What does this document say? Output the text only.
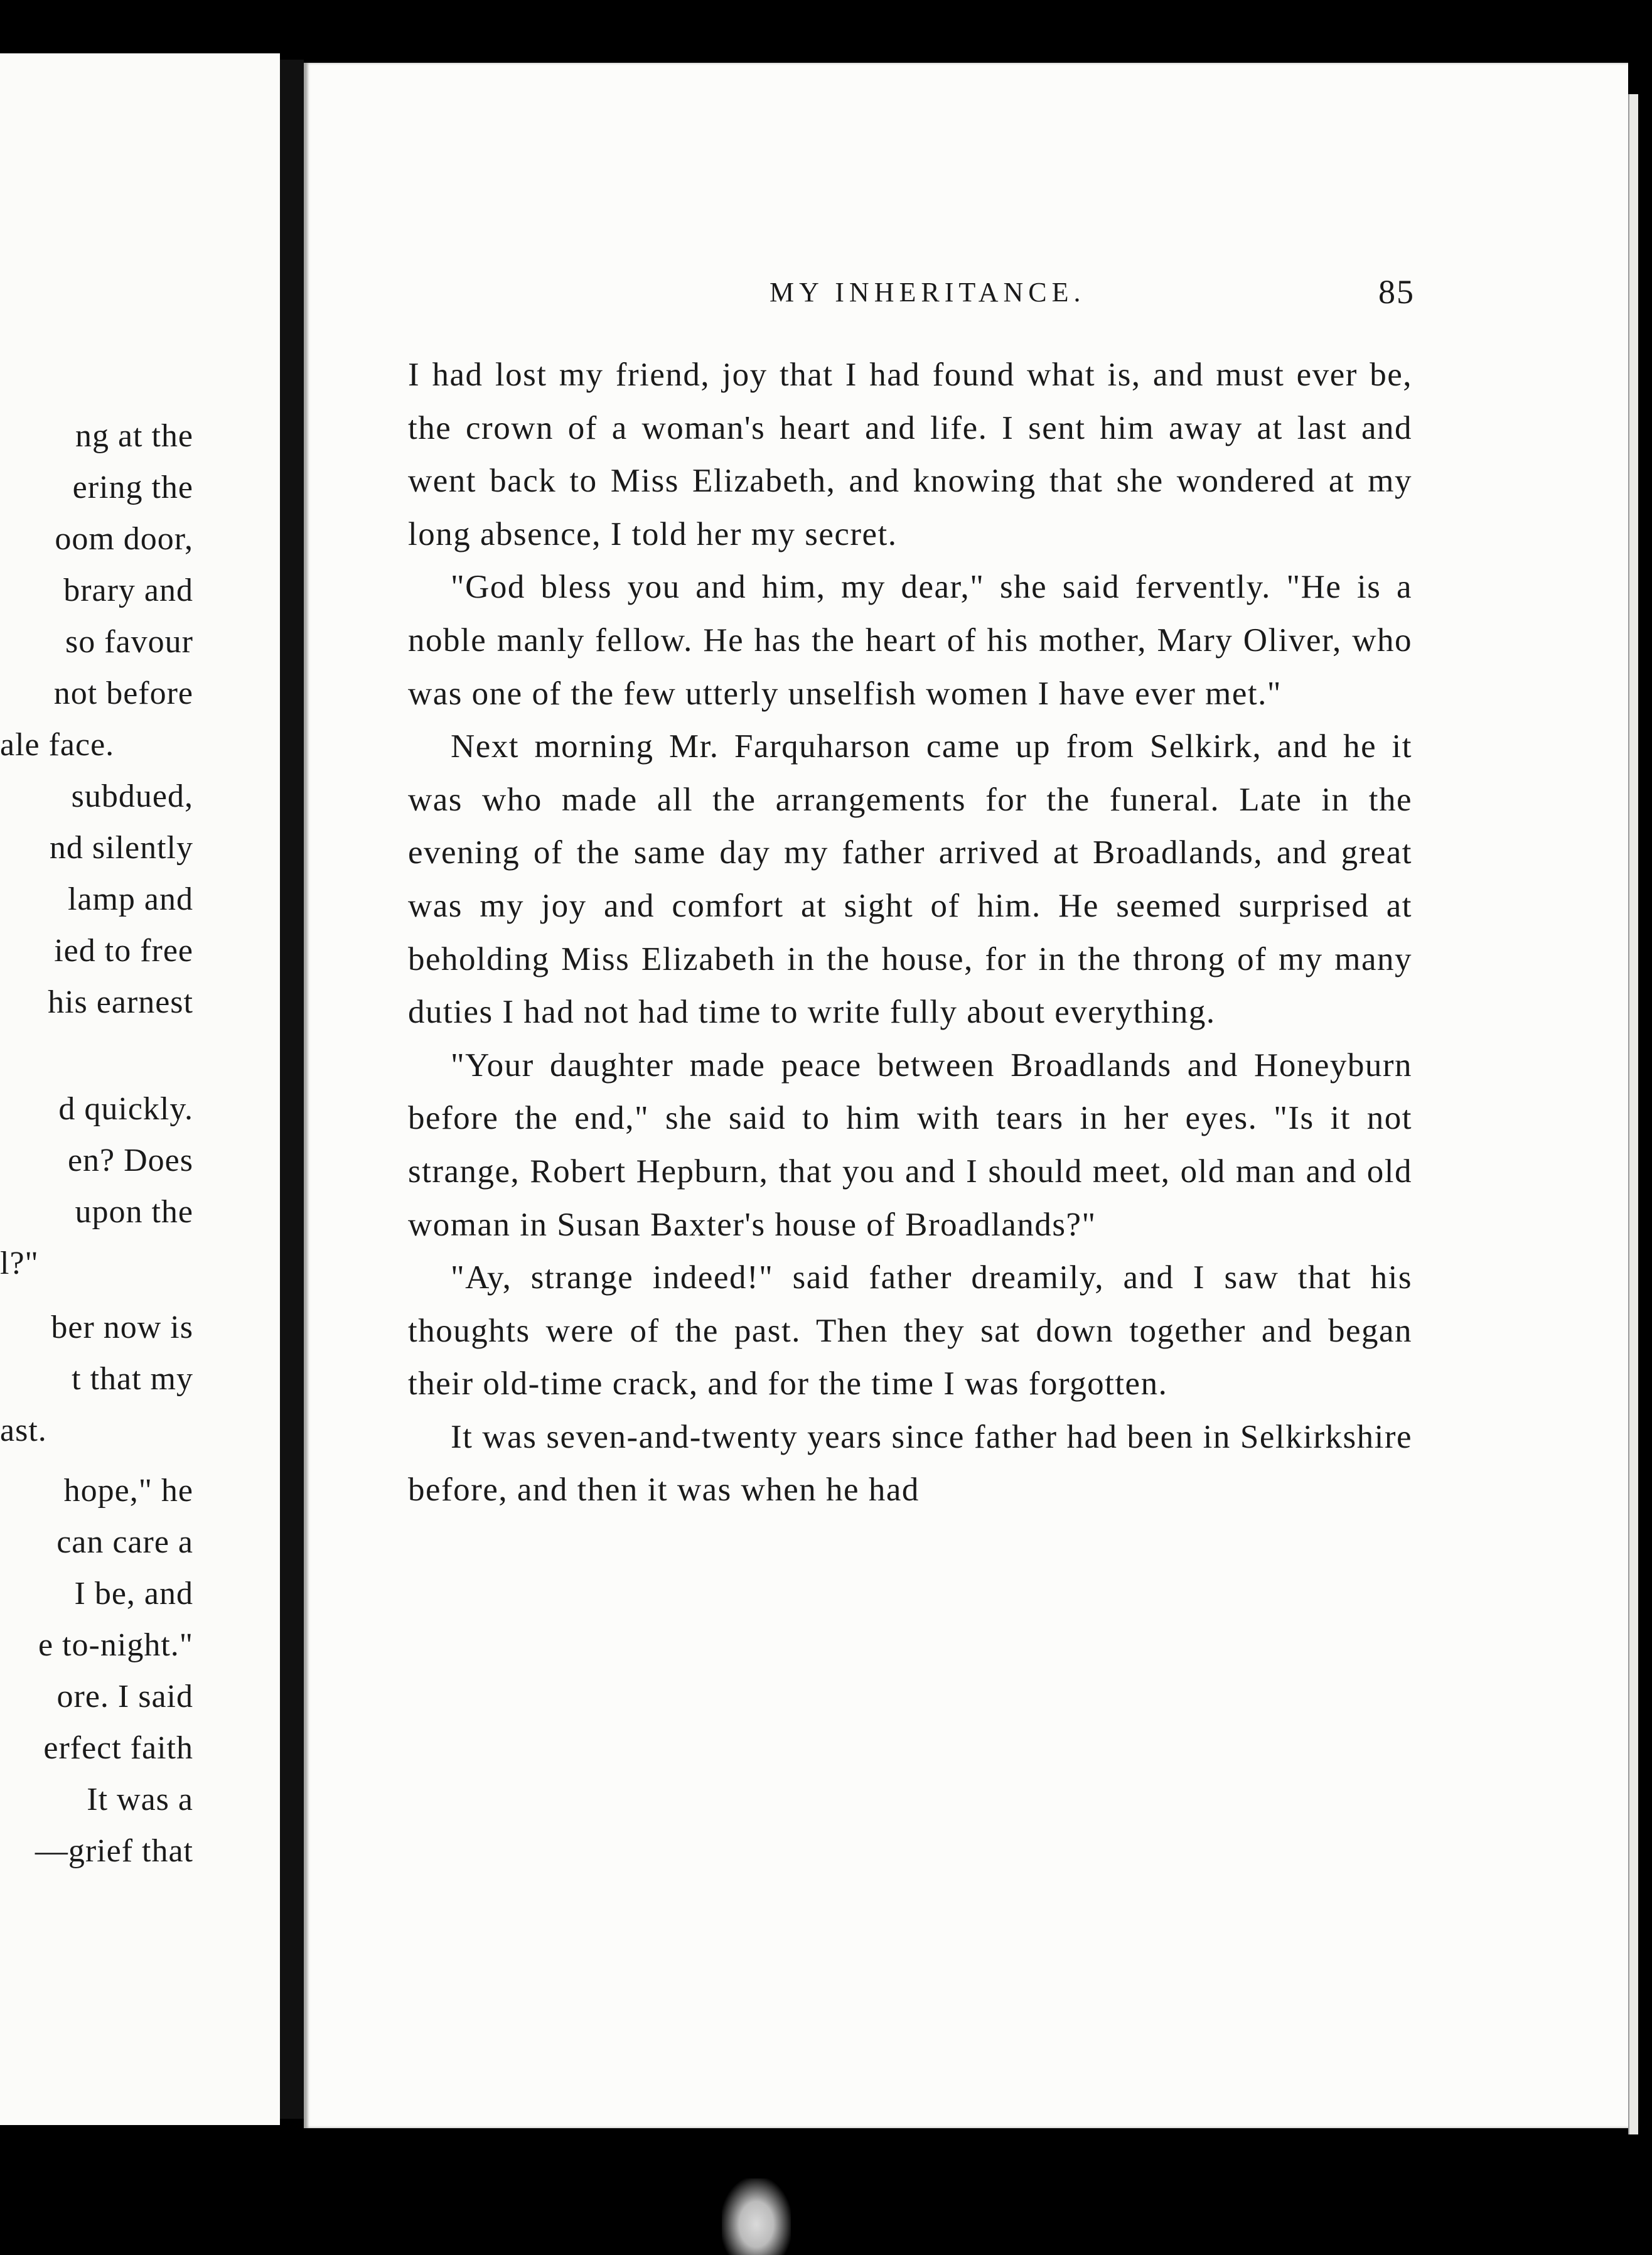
ng at the
ering the
oom door,
brary and
so favour
not before
ale face.
subdued,
nd silently
lamp and
ied to free
his earnest
d quickly.
en? Does
upon the
l?"
ber now is
t that my
ast.
hope," he
can care a
I be, and
e to-night."
ore. I said
erfect faith
It was a
—grief that
MY INHERITANCE.	85

I had lost my friend, joy that I had found what is, and must ever be, the crown of a woman's heart and life. I sent him away at last and went back to Miss Elizabeth, and knowing that she wondered at my long absence, I told her my secret.

"God bless you and him, my dear," she said fervently. "He is a noble manly fellow. He has the heart of his mother, Mary Oliver, who was one of the few utterly unselfish women I have ever met."

Next morning Mr. Farquharson came up from Selkirk, and he it was who made all the arrangements for the funeral. Late in the evening of the same day my father arrived at Broadlands, and great was my joy and comfort at sight of him. He seemed surprised at beholding Miss Elizabeth in the house, for in the throng of my many duties I had not had time to write fully about everything.

"Your daughter made peace between Broadlands and Honeyburn before the end," she said to him with tears in her eyes. "Is it not strange, Robert Hepburn, that you and I should meet, old man and old woman in Susan Baxter's house of Broadlands?"

"Ay, strange indeed!" said father dreamily, and I saw that his thoughts were of the past. Then they sat down together and began their old-time crack, and for the time I was forgotten.

It was seven-and-twenty years since father had been in Selkirkshire before, and then it was when he had
